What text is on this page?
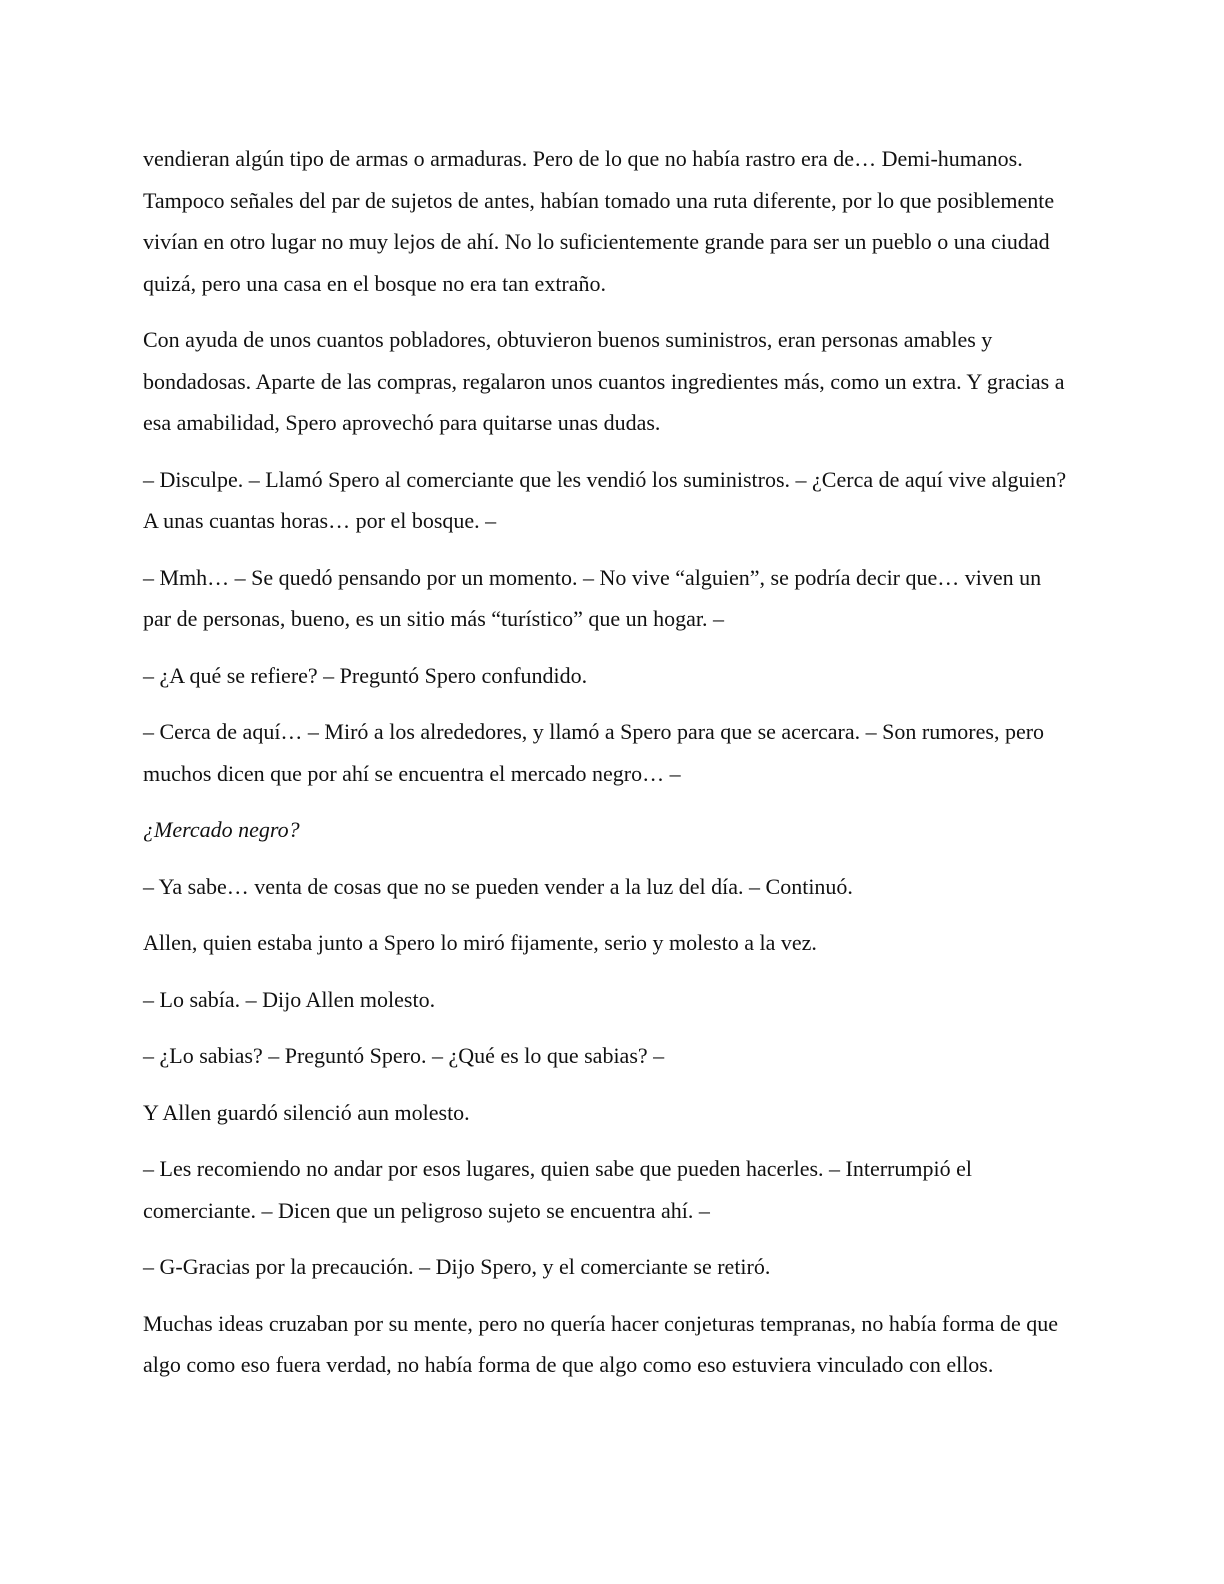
vendieran algún tipo de armas o armaduras. Pero de lo que no había rastro era de… Demi-humanos. Tampoco señales del par de sujetos de antes, habían tomado una ruta diferente, por lo que posiblemente vivían en otro lugar no muy lejos de ahí. No lo suficientemente grande para ser un pueblo o una ciudad quizá, pero una casa en el bosque no era tan extraño.

Con ayuda de unos cuantos pobladores, obtuvieron buenos suministros, eran personas amables y bondadosas. Aparte de las compras, regalaron unos cuantos ingredientes más, como un extra. Y gracias a esa amabilidad, Spero aprovechó para quitarse unas dudas.

– Disculpe. – Llamó Spero al comerciante que les vendió los suministros. – ¿Cerca de aquí vive alguien? A unas cuantas horas… por el bosque. –

– Mmh… – Se quedó pensando por un momento. – No vive “alguien”, se podría decir que… viven un par de personas, bueno, es un sitio más “turístico” que un hogar. –

– ¿A qué se refiere? – Preguntó Spero confundido.

– Cerca de aquí… – Miró a los alrededores, y llamó a Spero para que se acercara. – Son rumores, pero muchos dicen que por ahí se encuentra el mercado negro… –

¿Mercado negro?

– Ya sabe… venta de cosas que no se pueden vender a la luz del día. – Continuó.

Allen, quien estaba junto a Spero lo miró fijamente, serio y molesto a la vez.

– Lo sabía. – Dijo Allen molesto.

– ¿Lo sabias? – Preguntó Spero. – ¿Qué es lo que sabias? –

Y Allen guardó silenció aun molesto.

– Les recomiendo no andar por esos lugares, quien sabe que pueden hacerles. – Interrumpió el comerciante. – Dicen que un peligroso sujeto se encuentra ahí. –

– G-Gracias por la precaución. – Dijo Spero, y el comerciante se retiró.

Muchas ideas cruzaban por su mente, pero no quería hacer conjeturas tempranas, no había forma de que algo como eso fuera verdad, no había forma de que algo como eso estuviera vinculado con ellos.
